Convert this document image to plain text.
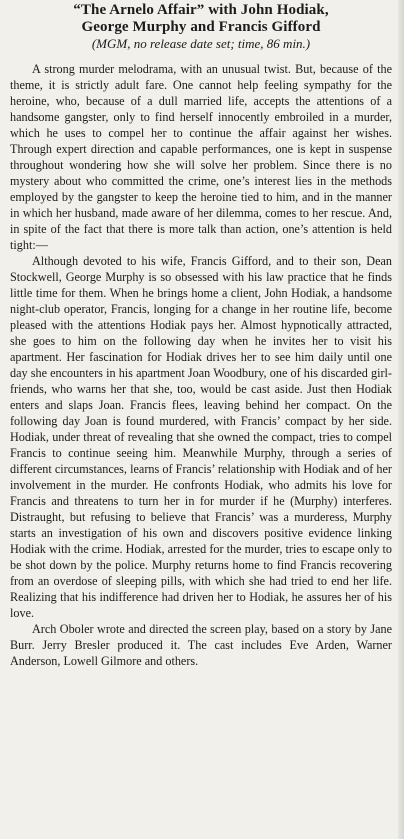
“The Arnelo Affair” with John Hodiak,
George Murphy and Francis Gifford

(MGM, no release date set; time, 86 min.)

A strong murder melodrama, with an unusual twist. But, because of the theme, it is strictly adult fare. One cannot help feeling sympathy for the heroine, who, because of a dull married life, accepts the attentions of a handsome gangster, only to find herself innocently embroiled in a murder, which he uses to compel her to continue the affair against her wishes. Through expert direction and capable performances, one is kept in suspense throughout wondering how she will solve her problem. Since there is no mystery about who committed the crime, one’s interest lies in the methods employed by the gangster to keep the heroine tied to him, and in the manner in which her husband, made aware of her dilemma, comes to her rescue. And, in spite of the fact that there is more talk than action, one’s attention is held tight:—

Although devoted to his wife, Francis Gifford, and to their son, Dean Stockwell, George Murphy is so obsessed with his law practice that he finds little time for them. When he brings home a client, John Hodiak, a handsome night-club operator, Francis, longing for a change in her routine life, become pleased with the attentions Hodiak pays her. Almost hypnotically attracted, she goes to him on the following day when he invites her to visit his apartment. Her fascination for Hodiak drives her to see him daily until one day she encounters in his apartment Joan Woodbury, one of his discarded girl-friends, who warns her that she, too, would be cast aside. Just then Hodiak enters and slaps Joan. Francis flees, leaving behind her compact. On the following day Joan is found murdered, with Francis’ compact by her side. Hodiak, under threat of revealing that she owned the compact, tries to compel Francis to continue seeing him. Meanwhile Murphy, through a series of different circumstances, learns of Francis’ relationship with Hodiak and of her involvement in the murder. He confronts Hodiak, who admits his love for Francis and threatens to turn her in for murder if he (Murphy) interferes. Distraught, but refusing to believe that Francis’ was a murderess, Murphy starts an investigation of his own and discovers positive evidence linking Hodiak with the crime. Hodiak, arrested for the murder, tries to escape only to be shot down by the police. Murphy returns home to find Francis recovering from an overdose of sleeping pills, with which she had tried to end her life. Realizing that his indifference had driven her to Hodiak, he assures her of his love.

Arch Oboler wrote and directed the screen play, based on a story by Jane Burr. Jerry Bresler produced it. The cast includes Eve Arden, Warner Anderson, Lowell Gilmore and others.
